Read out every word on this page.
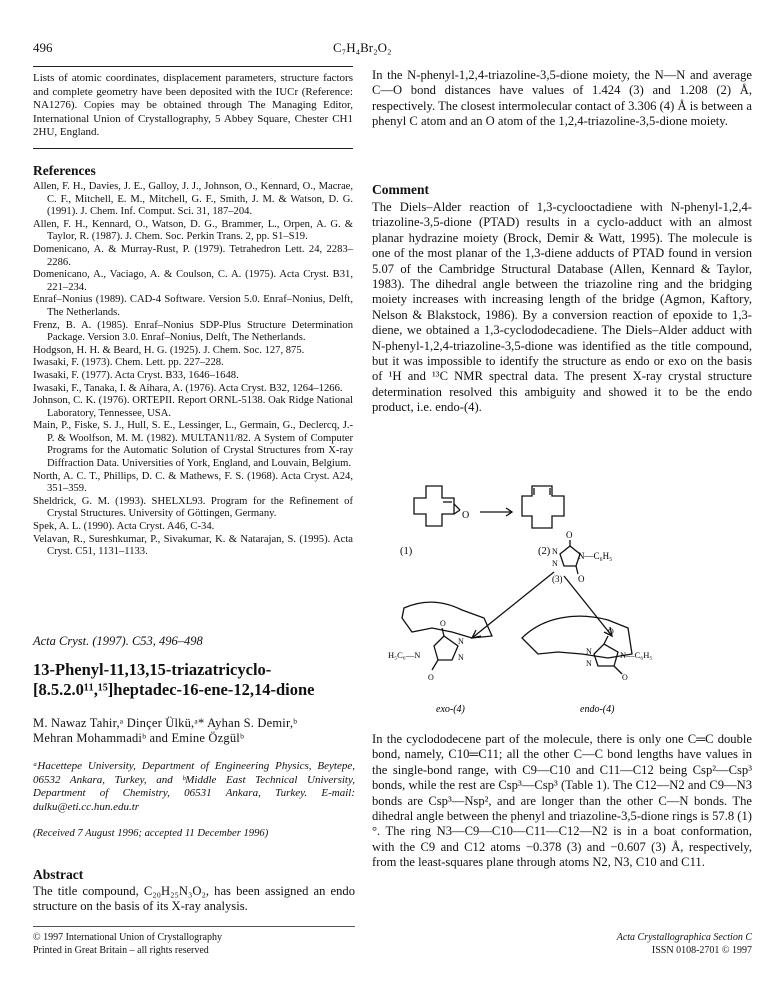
496	C₇H₄Br₂O₂
Lists of atomic coordinates, displacement parameters, structure factors and complete geometry have been deposited with the IUCr (Reference: NA1276). Copies may be obtained through The Managing Editor, International Union of Crystallography, 5 Abbey Square, Chester CH1 2HU, England.
References

Allen, F. H., Davies, J. E., Galloy, J. J., Johnson, O., Kennard, O., Macrae, C. F., Mitchell, E. M., Mitchell, G. F., Smith, J. M. & Watson, D. G. (1991). J. Chem. Inf. Comput. Sci. 31, 187–204.

Allen, F. H., Kennard, O., Watson, D. G., Brammer, L., Orpen, A. G. & Taylor, R. (1987). J. Chem. Soc. Perkin Trans. 2, pp. S1–S19.

Domenicano, A. & Murray-Rust, P. (1979). Tetrahedron Lett. 24, 2283–2286.

Domenicano, A., Vaciago, A. & Coulson, C. A. (1975). Acta Cryst. B31, 221–234.

Enraf–Nonius (1989). CAD-4 Software. Version 5.0. Enraf–Nonius, Delft, The Netherlands.

Frenz, B. A. (1985). Enraf–Nonius SDP-Plus Structure Determination Package. Version 3.0. Enraf–Nonius, Delft, The Netherlands.

Hodgson, H. H. & Beard, H. G. (1925). J. Chem. Soc. 127, 875.

Iwasaki, F. (1973). Chem. Lett. pp. 227–228.

Iwasaki, F. (1977). Acta Cryst. B33, 1646–1648.

Iwasaki, F., Tanaka, I. & Aihara, A. (1976). Acta Cryst. B32, 1264–1266.

Johnson, C. K. (1976). ORTEPII. Report ORNL-5138. Oak Ridge National Laboratory, Tennessee, USA.

Main, P., Fiske, S. J., Hull, S. E., Lessinger, L., Germain, G., Declercq, J.-P. & Woolfson, M. M. (1982). MULTAN11/82. A System of Computer Programs for the Automatic Solution of Crystal Structures from X-ray Diffraction Data. Universities of York, England, and Louvain, Belgium.

North, A. C. T., Phillips, D. C. & Mathews, F. S. (1968). Acta Cryst. A24, 351–359.

Sheldrick, G. M. (1993). SHELXL93. Program for the Refinement of Crystal Structures. University of Göttingen, Germany.

Spek, A. L. (1990). Acta Cryst. A46, C-34.

Velavan, R., Sureshkumar, P., Sivakumar, K. & Natarajan, S. (1995). Acta Cryst. C51, 1131–1133.

Acta Cryst. (1997). C53, 496–498
13-Phenyl-11,13,15-triazatricyclo-
[8.5.2.0¹¹,¹⁵]heptadec-16-ene-12,14-dione
M. Nawaz Tahir,ᵃ Dinçer Ülkü,ᵃ* Ayhan S. Demir,ᵇ
Mehran Mohammadiᵇ and Emine Özgülᵇ
ᵃHacettepe University, Department of Engineering Physics, Beytepe, 06532 Ankara, Turkey, and ᵇMiddle East Technical University, Department of Chemistry, 06531 Ankara, Turkey. E-mail: dulku@eti.cc.hun.edu.tr
(Received 7 August 1996; accepted 11 December 1996)
Abstract
The title compound, C₂₀H₂₅N₃O₂, has been assigned an endo structure on the basis of its X-ray analysis.
© 1997 International Union of Crystallography
Printed in Great Britain – all rights reserved
In the N-phenyl-1,2,4-triazoline-3,5-dione moiety, the N—N and average C—O bond distances have values of 1.424 (3) and 1.208 (2) Å, respectively. The closest intermolecular contact of 3.306 (4) Å is between a phenyl C atom and an O atom of the 1,2,4-triazoline-3,5-dione moiety.
Comment
The Diels–Alder reaction of 1,3-cyclooctadiene with N-phenyl-1,2,4-triazoline-3,5-dione (PTAD) results in a cyclo-adduct with an almost planar hydrazine moiety (Brock, Demir & Watt, 1995). The molecule is one of the most planar of the 1,3-diene adducts of PTAD found in version 5.07 of the Cambridge Structural Database (Allen, Kennard & Taylor, 1983). The dihedral angle between the triazoline ring and the bridging moiety increases with increasing length of the bridge (Agmon, Kaftory, Nelson & Blakstock, 1986). By a conversion reaction of epoxide to 1,3-diene, we obtained a 1,3-cyclododecadiene. The Diels–Alder adduct with N-phenyl-1,2,4-triazoline-3,5-dione was identified as the title compound, but it was impossible to identify the structure as endo or exo on the basis of ¹H and ¹³C NMR spectral data. The present X-ray crystal structure determination resolved this ambiguity and showed it to be the endo product, i.e. endo-(4).
O
(1)	(2)
O
N
N
N—C₆H₅
(3) O
O
N
N
H₅C₆—N
O
O
N
N
N—C₆H₅
O
exo-(4)	endo-(4)
In the cyclododecene part of the molecule, there is only one C═C double bond, namely, C10═C11; all the other C—C bond lengths have values in the single-bond range, with C9—C10 and C11—C12 being Csp²—Csp³ bonds, while the rest are Csp³—Csp³ (Table 1). The C12—N2 and C9—N3 bonds are Csp³—Nsp², and are longer than the other C—N bonds. The dihedral angle between the phenyl and triazoline-3,5-dione rings is 57.8 (1)°. The ring N3—C9—C10—C11—C12—N2 is in a boat conformation, with the C9 and C12 atoms −0.378 (3) and −0.607 (3) Å, respectively, from the least-squares plane through atoms N2, N3, C10 and C11.
Acta Crystallographica Section C
ISSN 0108-2701 © 1997
